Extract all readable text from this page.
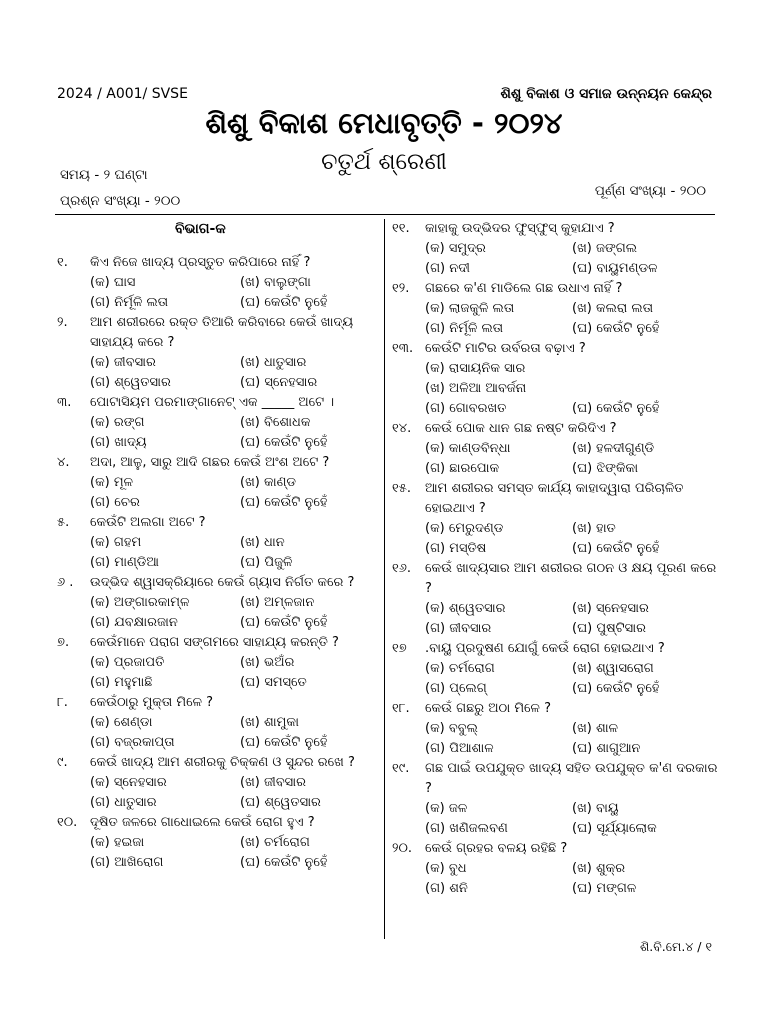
2024 / A001/ SVSE	ଶିଶୁ ବିକାଶ ଓ ସମାଜ ଉନ୍ନୟନ କେନ୍ଦ୍ର
ଶିଶୁ ବିକାଶ ମେଧାବୃତ୍ତି - ୨୦୨୪
ଚତୁର୍ଥ ଶ୍ରେଣୀ
ସମୟ - ୨ ଘଣ୍ଟା
ପ୍ରଶ୍ନ ସଂଖ୍ୟା - ୨୦୦
ପୂର୍ଣ୍ଣ ସଂଖ୍ୟା - ୨୦୦
ବିଭାଗ-କ
୧.	କିଏ ନିଜେ ଖାଦ୍ୟ ପ୍ରସ୍ତୁତ କରିପାରେ ନାହିଁ ?
(କ) ଘାସ	(ଖ) ବାଲୁଙ୍ଗା
(ଗ) ନିର୍ମୂଳି ଲତା	(ଘ) କେଉଁଟି ନୁହେଁ
୨.	ଆମ ଶରୀରରେ ରକ୍ତ ତିଆରି କରିବାରେ କେଉଁ ଖାଦ୍ୟ ସାହାଯ୍ୟ କରେ ?
(କ) ଜୀବସାର	(ଖ) ଧାତୁସାର
(ଗ) ଶ୍ୱେତସାର	(ଘ) ସ୍ନେହସାର
୩.	ପୋଟାସିୟମ ପରମାଙ୍ଗାନେଟ୍ ଏକ _____ ଅଟେ ।
(କ) ରଙ୍ଗ	(ଖ) ବିଶୋଧକ
(ଗ) ଖାଦ୍ୟ	(ଘ) କେଉଁଟି ନୁହେଁ
୪.	ଅଦା, ଆଳୁ, ସାରୁ ଆଦି ଗଛର କେଉଁ ଅଂଶ ଅଟେ ?
(କ) ମୂଳ	(ଖ) କାଣ୍ଡ
(ଗ) ଚେର	(ଘ) କେଉଁଟି ନୁହେଁ
୫.	କେଉଁଟି ଅଲଗା ଅଟେ ?
(କ) ଗହମ	(ଖ) ଧାନ
(ଗ) ମାଣ୍ଡିଆ	(ଘ) ପିଜୁଳି
୬ .	ଉଦ୍ଭିଦ ଶ୍ୱାସକ୍ରିୟାରେ କେଉଁ ଗ୍ୟାସ ନିର୍ଗତ କରେ ?
(କ) ଅଙ୍ଗାରକାମ୍ଳ	(ଖ) ଅମ୍ଳଜାନ
(ଗ) ଯବକ୍ଷାରଜାନ	(ଘ) କେଉଁଟି ନୁହେଁ
୭.	କେଉଁମାନେ ପରାଗ ସଙ୍ଗମରେ ସାହାଯ୍ୟ କରନ୍ତି ?
(କ) ପ୍ରଜାପତି	(ଖ) ଭଅଁର
(ଗ) ମହୁମାଛି	(ଘ) ସମସ୍ତେ
୮.	କେଉଁଠାରୁ ମୁକ୍ତା ମିଳେ ?
(କ) ଶେଣ୍ଡା	(ଖ) ଶାମୁକା
(ଗ) ବଜ୍ରକାପ୍ତା	(ଘ) କେଉଁଟି ନୁହେଁ
୯.	କେଉଁ ଖାଦ୍ୟ ଆମ ଶରୀରକୁ ଚିକ୍କଣ ଓ ସୁନ୍ଦର ରଖେ ?
(କ) ସ୍ନେହସାର	(ଖ) ଜୀବସାର
(ଗ) ଧାତୁସାର	(ଘ) ଶ୍ୱେତସାର
୧୦. ଦୂଷିତ ଜଳରେ ଗାଧୋଇଲେ କେଉଁ ରୋଗ ହୁଏ ?
(କ) ହଇଜା	(ଖ) ଚର୍ମରୋଗ
(ଗ) ଆଖିରୋଗ	(ଘ) କେଉଁଟି ନୁହେଁ
୧୧.	କାହାକୁ ଉଦ୍ଭିଦର ଫୁସ୍‌ଫୁସ୍ କୁହାଯାଏ ?
(କ) ସମୁଦ୍ର	(ଖ) ଜଙ୍ଗଲ
(ଗ) ନଦୀ	(ଘ) ବାୟୁମଣ୍ଡଳ
୧୨.	ଗଛରେ କ'ଣ ମାଡିଲେ ଗଛ ଉଧାଏ ନାହିଁ ?
(କ) ଲାଜକୁଳି ଲତା	(ଖ) କଲରା ଲତା
(ଗ) ନିର୍ମୂଳି ଲତା	(ଘ) କେଉଁଟି ନୁହେଁ
୧୩. କେଉଁଟି ମାଟିର ଉର୍ବରତା ବଢ଼ାଏ ?
(କ) ରାସାୟନିକ ସାର
(ଖ) ଅଳିଆ ଆବର୍ଜନା
(ଗ) ଗୋବରଖତ	(ଘ) କେଉଁଟି ନୁହେଁ
୧୪.	କେଉଁ ପୋକ ଧାନ ଗଛ ନଷ୍ଟ କରିଦିଏ ?
(କ) କାଣ୍ଡବିନ୍ଧା	(ଖ) ହଳଦୀଗୁଣ୍ଡି
(ଗ) ଛାରପୋକ	(ଘ) ଝିଙ୍କିକା
୧୫.	ଆମ ଶରୀରର ସମସ୍ତ କାର୍ଯ୍ୟ କାହାଦ୍ୱାରା ପରିଚାଳିତ ହୋଇଥାଏ ?
(କ) ମେରୁଦଣ୍ଡ	(ଖ) ହାତ
(ଗ) ମସ୍ତିଷ	(ଘ) କେଉଁଟି ନୁହେଁ
୧୬.	କେଉଁ ଖାଦ୍ୟସାର ଆମ ଶରୀରର ଗଠନ ଓ କ୍ଷୟ ପୂରଣ କରେ ?
(କ) ଶ୍ୱେତସାର	(ଖ) ସ୍ନେହସାର
(ଗ) ଜୀବସାର	(ଘ) ପୁଷ୍ଟିସାର
୧୭	.ବାୟୁ ପ୍ରଦୁଷଣ ଯୋଗୁଁ କେଉଁ ରୋଗ ହୋଇଥାଏ ?
(କ) ଚର୍ମରୋଗ	(ଖ) ଶ୍ୱାସରୋଗ
(ଗ) ପ୍ଲେଗ୍	(ଘ) କେଉଁଟି ନୁହେଁ
୧୮.	କେଉଁ ଗଛରୁ ଅଠା ମିଳେ ?
(କ) ବବୁଲ୍	(ଖ) ଶାଳ
(ଗ) ପିଆଶାଳ	(ଘ) ଶାଗୁଆନ
୧୯.	ଗଛ ପାଇଁ ଉପଯୁକ୍ତ ଖାଦ୍ୟ ସହିତ ଉପଯୁକ୍ତ କ'ଣ ଦରକାର ?
(କ) ଜଳ	(ଖ) ବାୟୁ
(ଗ) ଖଣିଜଲବଣ	(ଘ) ସୂର୍ଯ୍ୟାଲୋକ
୨୦. କେଉଁ ଗ୍ରହର ବଳୟ ରହିଛି ?
(କ) ବୁଧ	(ଖ) ଶୁକ୍ର
(ଗ) ଶନି	(ଘ) ମଙ୍ଗଳ
ଶି.ବି.ମେ.୪ / ୧
